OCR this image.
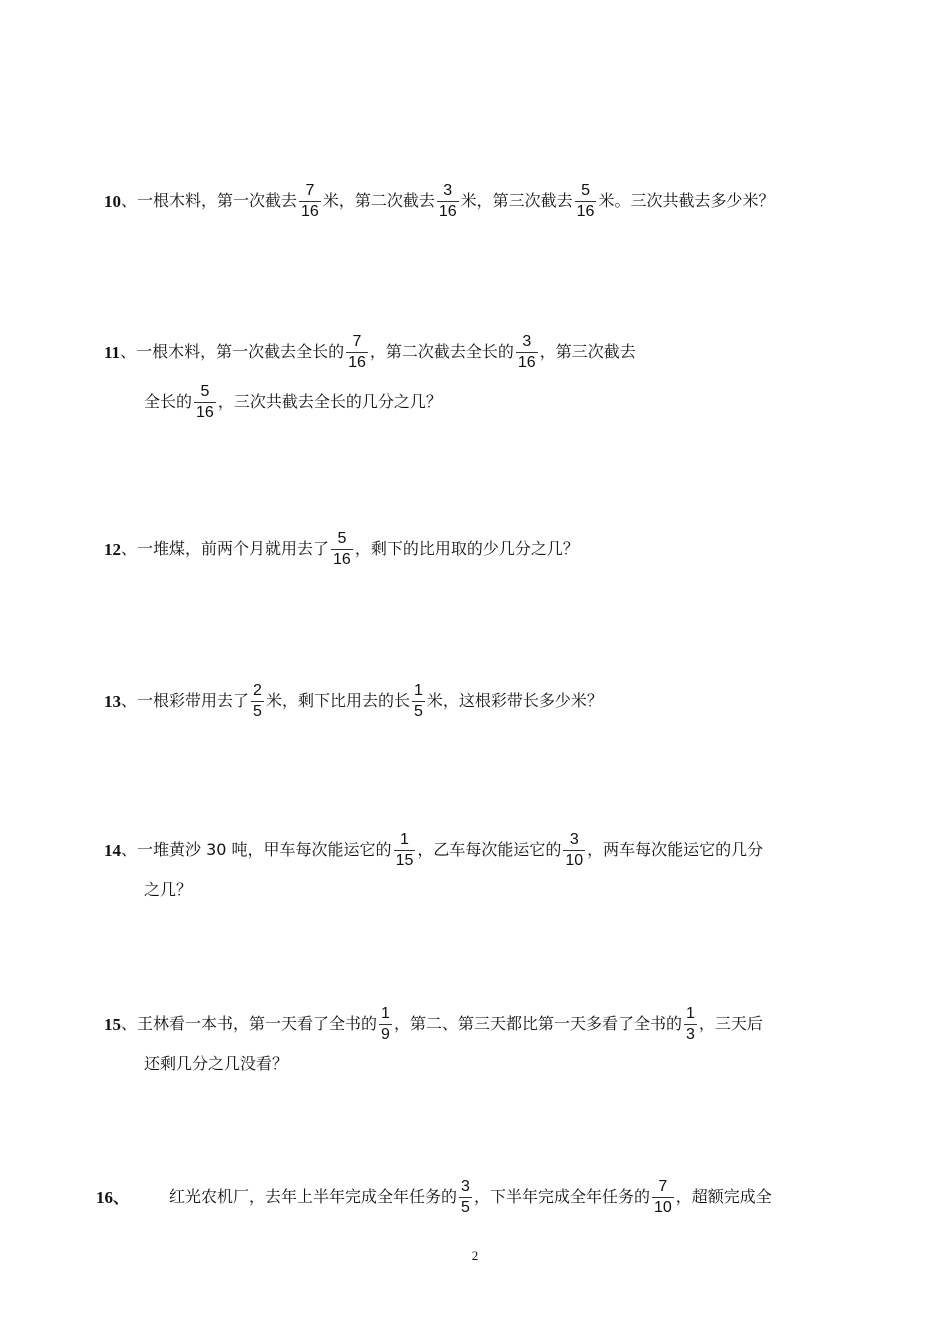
10 、 一根木料，第一次截去 $\frac{7}{16}$ 米，第二次截去 $\frac{3}{16}$ 米，第三次截去 $\frac{5}{16}$ 米。三次共截去多少米？
11 、 一根木料，第一次截去全长的 $\frac{7}{16}$ ，第二次截去全长的 $\frac{3}{16}$ ，第三次截去
全长的 $\frac{5}{16}$ ，三次共截去全长的几分之几？
12 、 一堆煤，前两个月就用去了 $\frac{5}{16}$ ，剩下的比用取的少几分之几？
13 、 一根彩带用去了 $\frac{2}{5}$ 米，剩下比用去的长 $\frac{1}{5}$ 米，这根彩带长多少米？
14 、 一堆黄沙 30 吨，甲车每次能运它的 $\frac{1}{15}$ ，乙车每次能运它的 $\frac{3}{10}$ ，两车每次能运它的几分
之几？
15 、 王林看一本书，第一天看了全书的 $\frac{1}{9}$ ，第二、第三天都比第一天多看了全书的 $\frac{1}{3}$ ，三天后
还剩几分之几没看？
16、	红光农机厂，去年上半年完成全年任务的 $\frac{3}{5}$ ，下半年完成全年任务的 $\frac{7}{10}$ ，超额完成全
2
